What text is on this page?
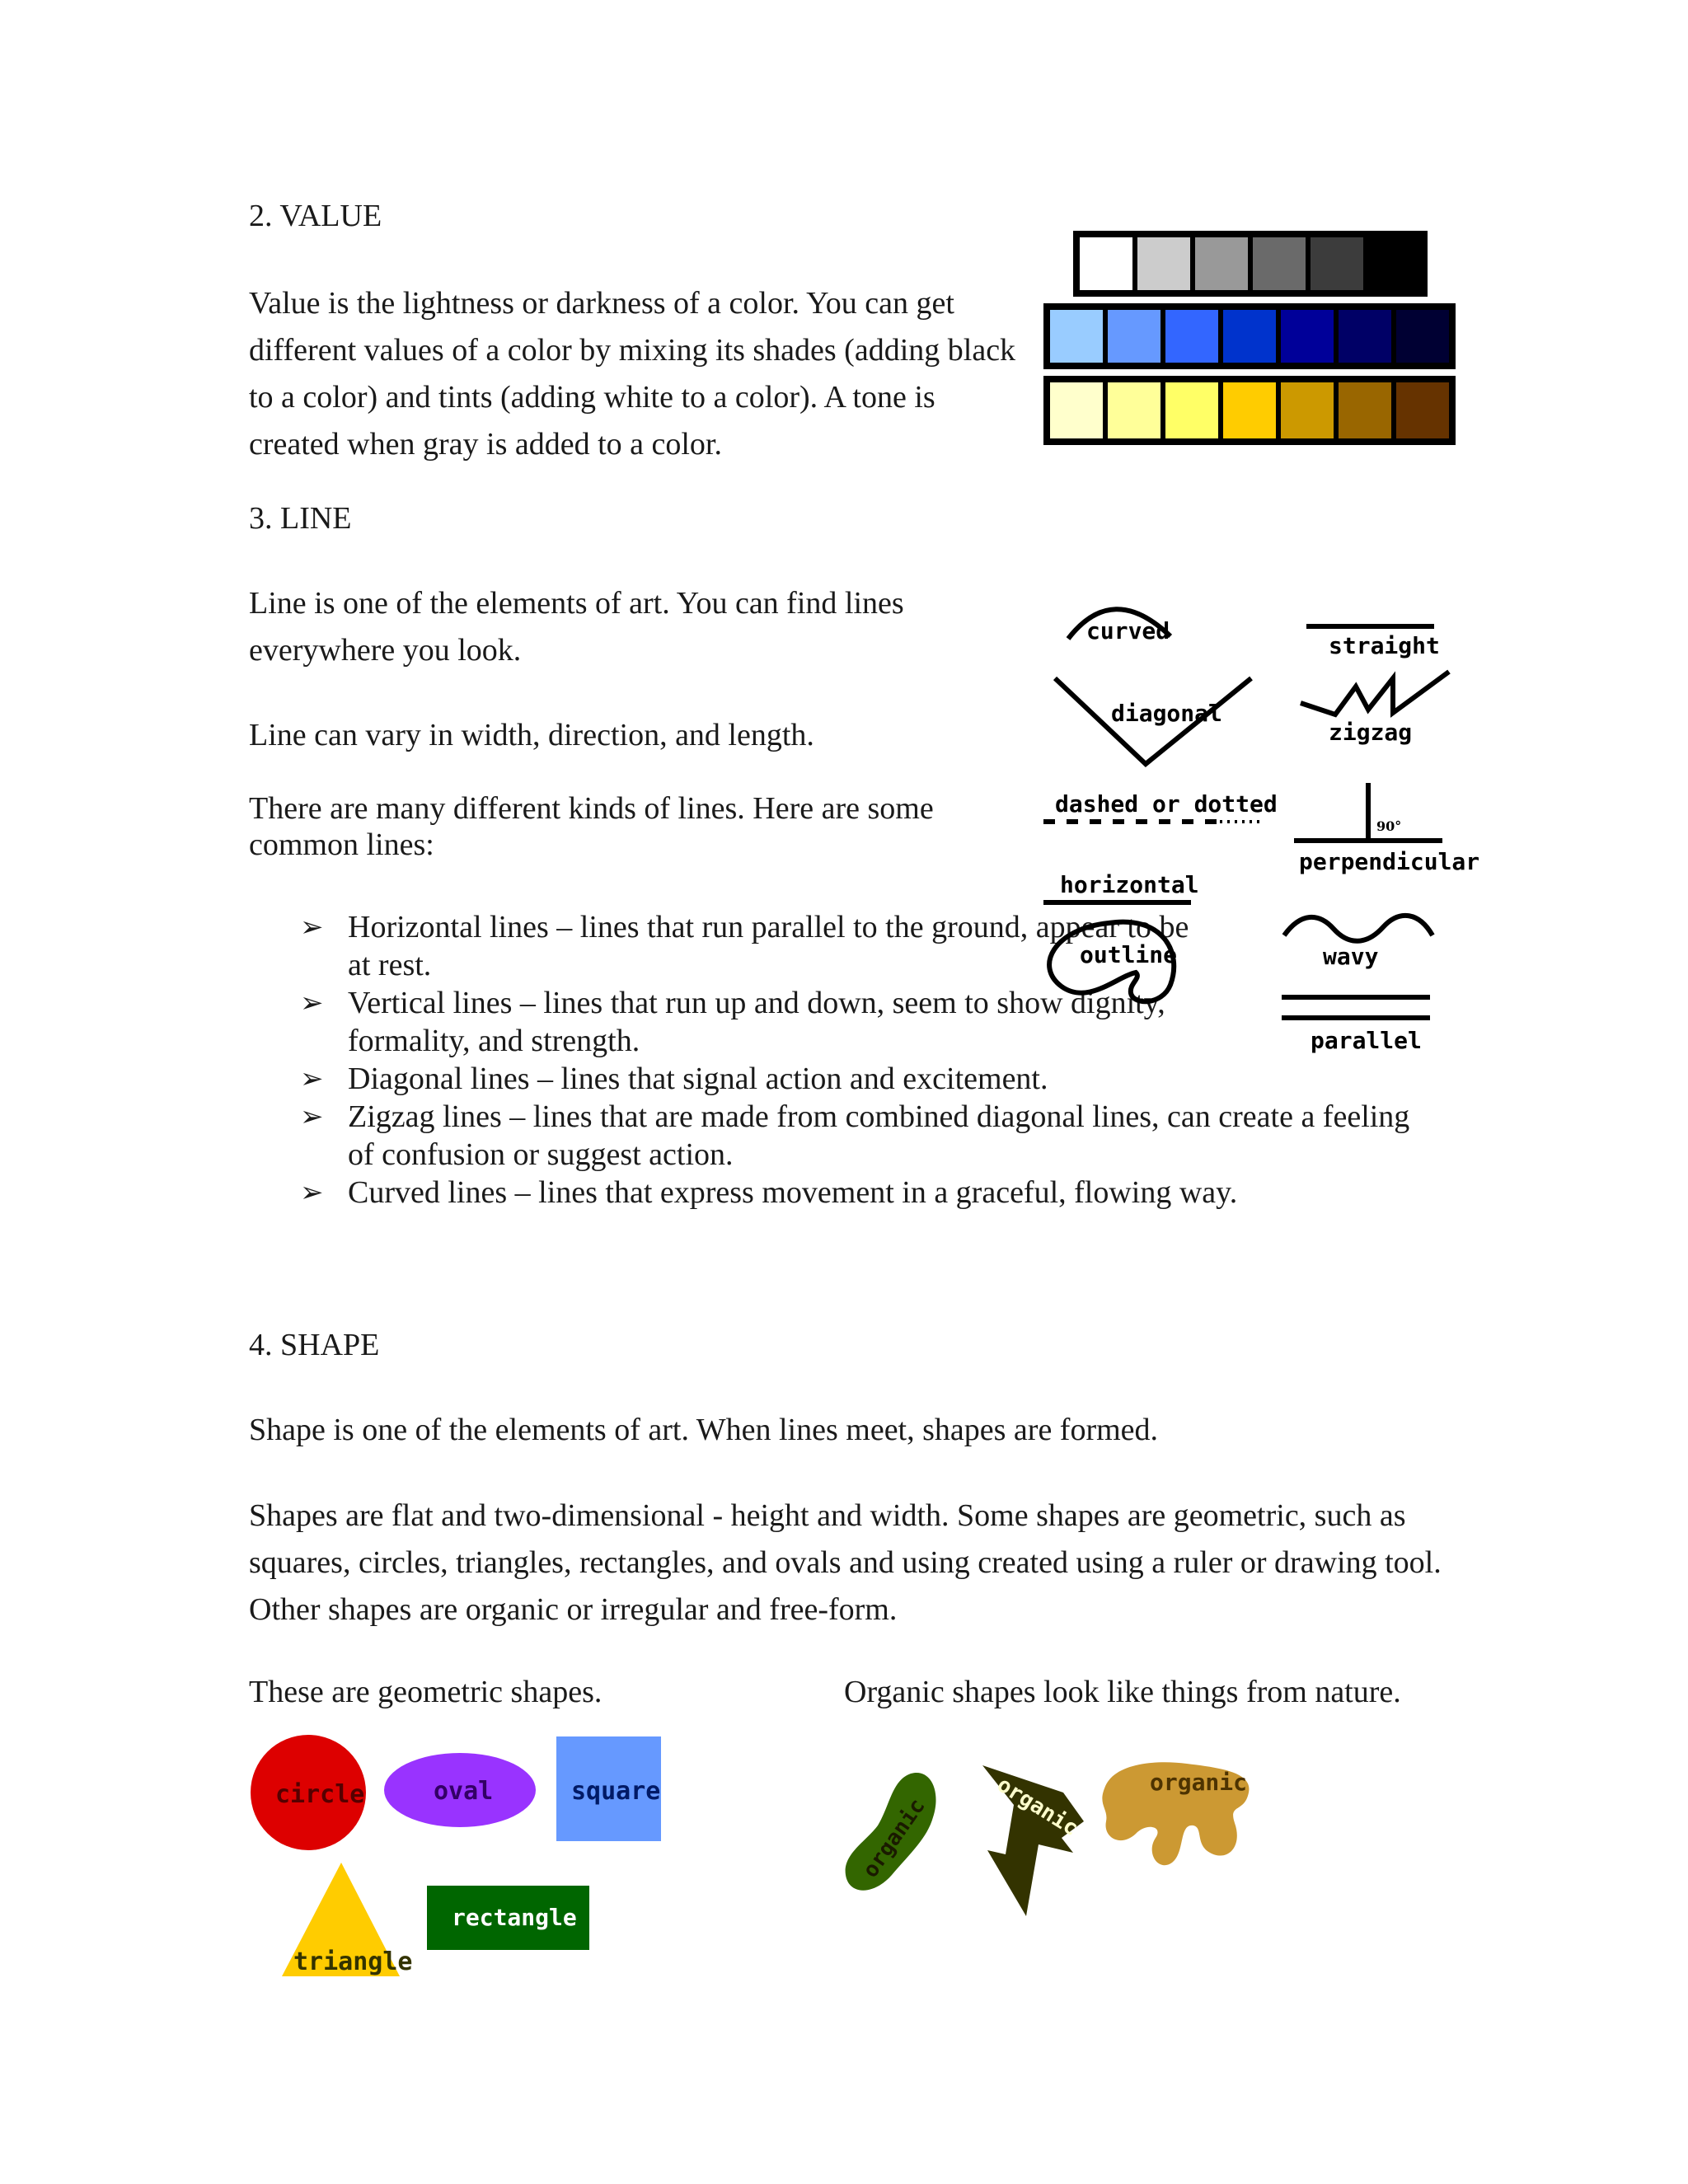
2. VALUE
Value is the lightness or darkness of a color. You can get different values of a color by mixing its shades (adding black to a color) and tints (adding white to a color). A tone is created when gray is added to a color.
3. LINE
Line is one of the elements of art. You can find lines everywhere you look.
Line can vary in width, direction, and length.
There are many different kinds of lines. Here are some common lines:
➢ Horizontal lines – lines that run parallel to the ground, appear to be at rest.
➢ Vertical lines – lines that run up and down, seem to show dignity, formality, and strength.
➢ Diagonal lines – lines that signal action and excitement.
➢ Zigzag lines – lines that are made from combined diagonal lines, can create a feeling of confusion or suggest action.
➢ Curved lines – lines that express movement in a graceful, flowing way.
curved
straight
diagonal
zigzag
dashed or dotted
90°
perpendicular
horizontal
outline	wavy
parallel
4. SHAPE
Shape is one of the elements of art. When lines meet, shapes are formed.
Shapes are flat and two-dimensional - height and width. Some shapes are geometric, such as squares, circles, triangles, rectangles, and ovals and using created using a ruler or drawing tool. Other shapes are organic or irregular and free-form.
These are geometric shapes.	Organic shapes look like things from nature.
circle	oval	square
triangle
rectangle
organic	organic	organic
